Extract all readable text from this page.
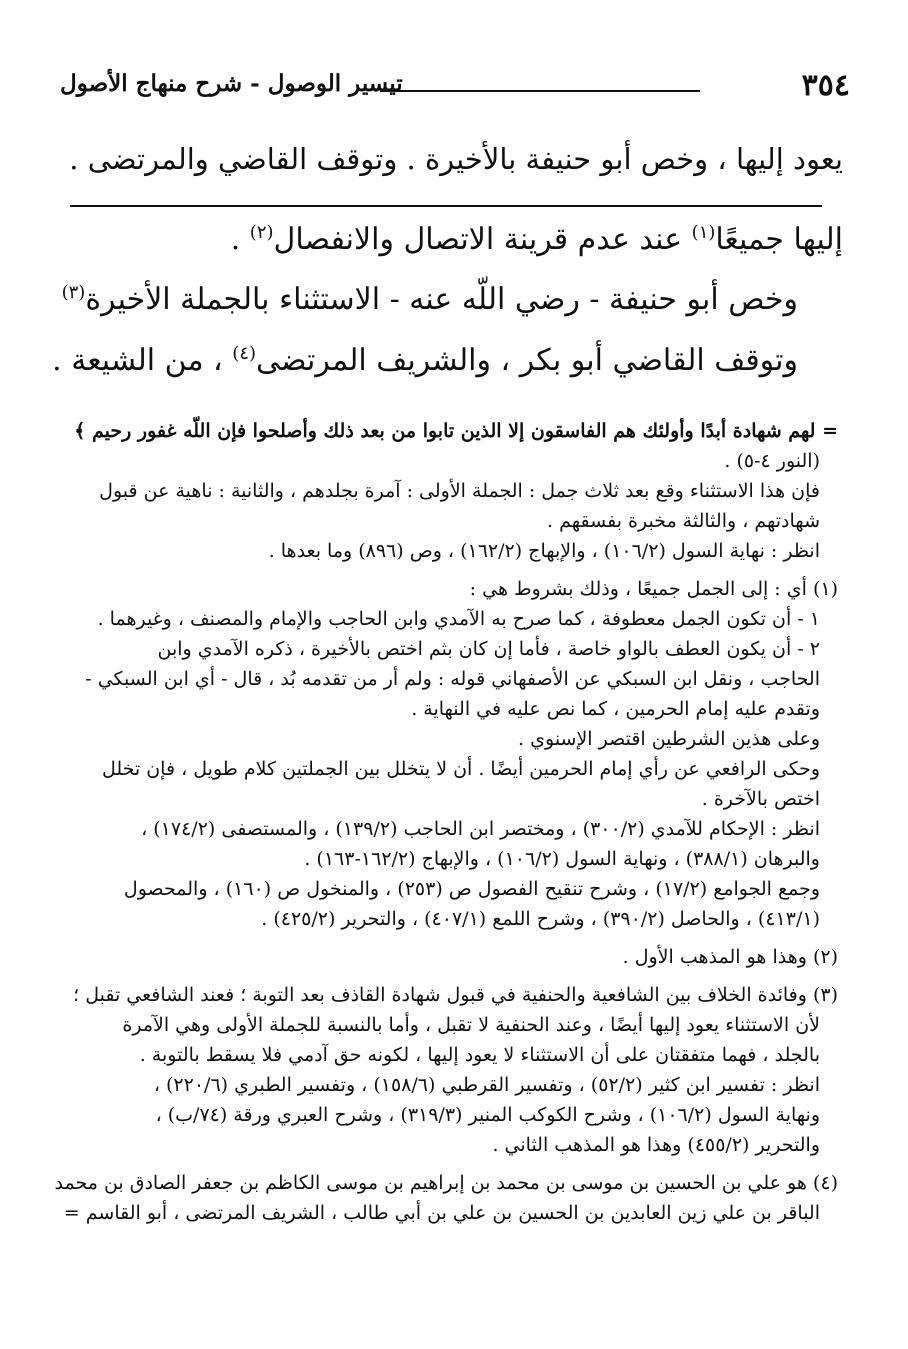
٣٥٤
تيسير الوصول - شرح منهاج الأصول
يعود إليها ، وخص أبو حنيفة بالأخيرة . وتوقف القاضي والمرتضى .
إليها جميعًا$^{(١)}$ عند عدم قرينة الاتصال والانفصال$^{(٢)}$ .
وخص أبو حنيفة - رضي اللّه عنه - الاستثناء بالجملة الأخيرة$^{(٣)}$
وتوقف القاضي أبو بكر ، والشريف المرتضى$^{(٤)}$ ، من الشيعة .

= لهم شهادة أبدًا وأولئك هم الفاسقون إلا الذين تابوا من بعد ذلك وأصلحوا فإن اللّه غفور رحيم ﴾

(النور ٤-٥) .

فإن هذا الاستثناء وقع بعد ثلاث جمل : الجملة الأولى : آمرة بجلدهم ، والثانية : ناهية عن قبول

شهادتهم ، والثالثة مخبرة بفسقهم .

انظر : نهاية السول (١٠٦/٢) ، والإبهاج (١٦٢/٢) ، وص (٨٩٦) وما بعدها .

(١) أي : إلى الجمل جميعًا ، وذلك بشروط هي :

١ - أن تكون الجمل معطوفة ، كما صرح به الآمدي وابن الحاجب والإمام والمصنف ، وغيرهما .

٢ - أن يكون العطف بالواو خاصة ، فأما إن كان بثم اختص بالأخيرة ، ذكره الآمدي وابن

الحاجب ، ونقل ابن السبكي عن الأصفهاني قوله : ولم أر من تقدمه بُد ، قال - أي ابن السبكي -

وتقدم عليه إمام الحرمين ، كما نص عليه في النهاية .

وعلى هذين الشرطين اقتصر الإسنوي .

وحكى الرافعي عن رأي إمام الحرمين أيضًا . أن لا يتخلل بين الجملتين كلام طويل ، فإن تخلل

اختص بالآخرة .

انظر : الإحكام للآمدي (٣٠٠/٢) ، ومختصر ابن الحاجب (١٣٩/٢) ، والمستصفى (١٧٤/٢) ،

والبرهان (٣٨٨/١) ، ونهاية السول (١٠٦/٢) ، والإبهاج (١٦٢/٢-١٦٣) .

وجمع الجوامع (١٧/٢) ، وشرح تنقيح الفصول ص (٢٥٣) ، والمنخول ص (١٦٠) ، والمحصول

(٤١٣/١) ، والحاصل (٣٩٠/٢) ، وشرح اللمع (٤٠٧/١) ، والتحرير (٤٢٥/٢) .

(٢) وهذا هو المذهب الأول .

(٣) وفائدة الخلاف بين الشافعية والحنفية في قبول شهادة القاذف بعد التوبة ؛ فعند الشافعي تقبل ؛

لأن الاستثناء يعود إليها أيضًا ، وعند الحنفية لا تقبل ، وأما بالنسبة للجملة الأولى وهي الآمرة

بالجلد ، فهما متفقتان على أن الاستثناء لا يعود إليها ، لكونه حق آدمي فلا يسقط بالتوبة .

انظر : تفسير ابن كثير (٥٢/٢) ، وتفسير القرطبي (١٥٨/٦) ، وتفسير الطبري (٢٢٠/٦) ،

ونهاية السول (١٠٦/٢) ، وشرح الكوكب المنير (٣١٩/٣) ، وشرح العبري ورقة (٧٤/ب) ،

والتحرير (٤٥٥/٢) وهذا هو المذهب الثاني .

(٤) هو علي بن الحسين بن موسى بن محمد بن إبراهيم بن موسى الكاظم بن جعفر الصادق بن محمد

الباقر بن علي زين العابدين بن الحسين بن علي بن أبي طالب ، الشريف المرتضى ، أبو القاسم =
